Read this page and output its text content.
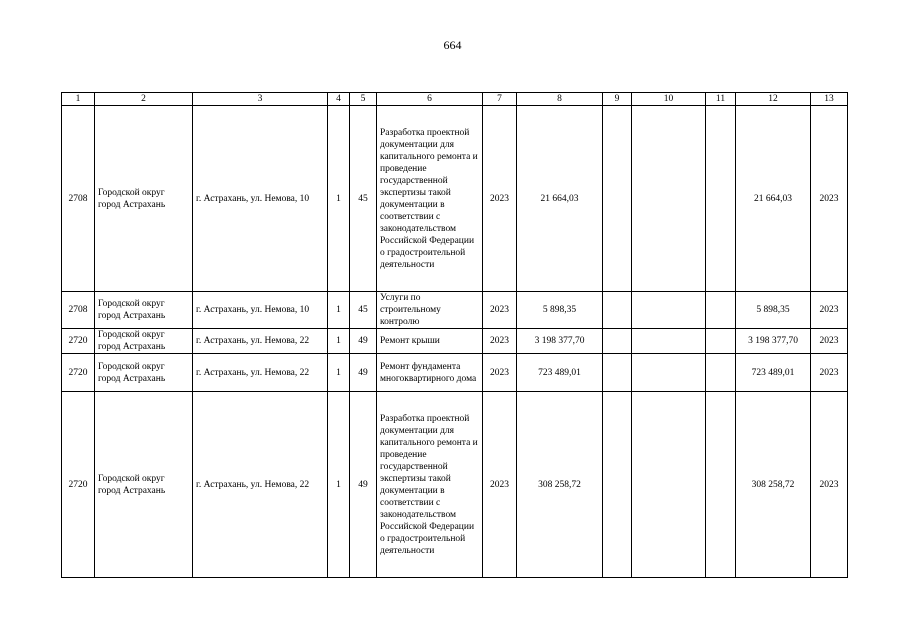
664
1	2	3	4	5	6	7	8	9	10	11	12	13
2708	Городской округ город Астрахань	г. Астрахань, ул. Немова, 10	1	45	Разработка проектной документации для капитального ремонта и проведение государственной экспертизы такой документации в соответствии с законодательством Российской Федерации о градостроительной деятельности	2023	21 664,03				21 664,03	2023
2708	Городской округ город Астрахань	г. Астрахань, ул. Немова, 10	1	45	Услуги по строительному контролю	2023	5 898,35				5 898,35	2023
2720	Городской округ город Астрахань	г. Астрахань, ул. Немова, 22	1	49	Ремонт крыши	2023	3 198 377,70				3 198 377,70	2023
2720	Городской округ город Астрахань	г. Астрахань, ул. Немова, 22	1	49	Ремонт фундамента многоквартирного дома	2023	723 489,01				723 489,01	2023
2720	Городской округ город Астрахань	г. Астрахань, ул. Немова, 22	1	49	Разработка проектной документации для капитального ремонта и проведение государственной экспертизы такой документации в соответствии с законодательством Российской Федерации о градостроительной деятельности	2023	308 258,72				308 258,72	2023
